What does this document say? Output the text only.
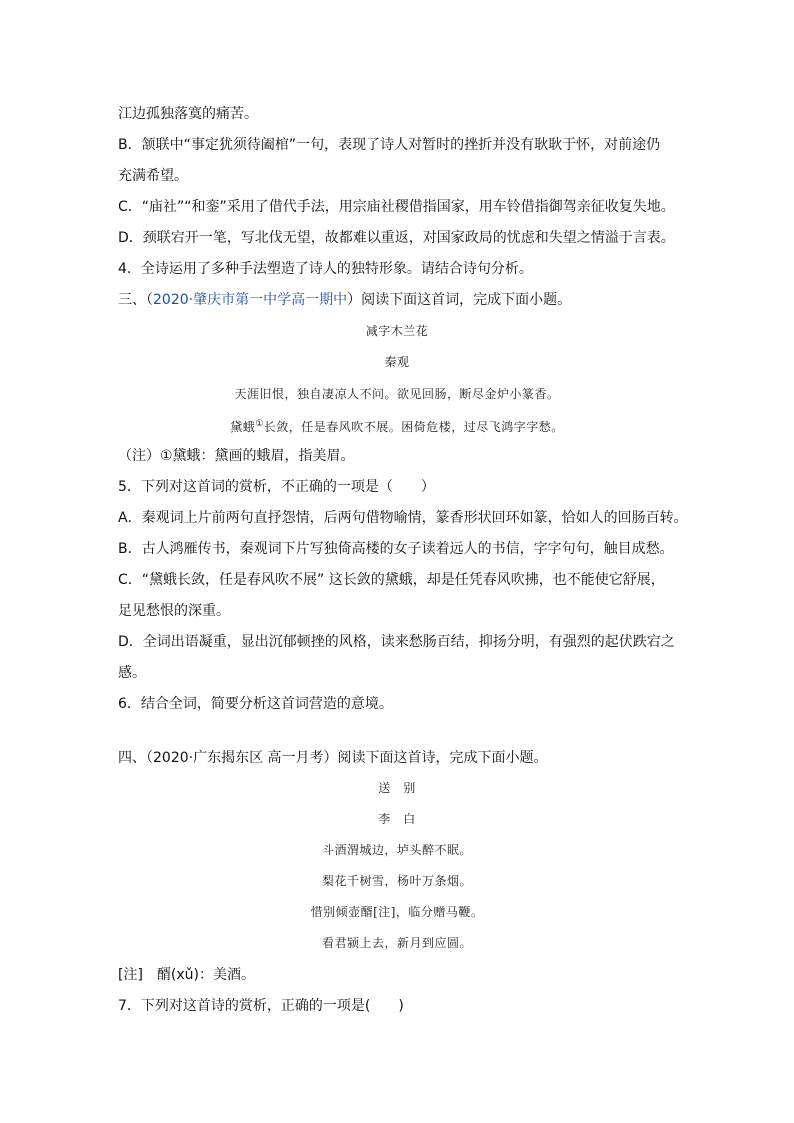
江边孤独落寞的痛苦。
B．颔联中“事定犹须待阖棺”一句，表现了诗人对暂时的挫折并没有耿耿于怀，对前途仍
充满希望。
C．“庙社”“和銮”采用了借代手法，用宗庙社稷借指国家，用车铃借指御驾亲征收复失地。
D．颈联宕开一笔，写北伐无望，故都难以重返，对国家政局的忧虑和失望之情溢于言表。
4．全诗运用了多种手法塑造了诗人的独特形象。请结合诗句分析。
三、（2020·肇庆市第一中学高一期中）阅读下面这首词，完成下面小题。
减字木兰花
秦观
天涯旧恨，独自凄凉人不问。欲见回肠，断尽金炉小篆香。
黛蛾①长敛，任是春风吹不展。困倚危楼，过尽飞鸿字字愁。
（注）①黛蛾：黛画的蛾眉，指美眉。
5．下列对这首词的赏析，不正确的一项是（　　）
A．秦观词上片前两句直抒怨情，后两句借物喻情，篆香形状回环如篆，恰如人的回肠百转。
B．古人鸿雁传书，秦观词下片写独倚高楼的女子读着远人的书信，字字句句，触目成愁。
C．“黛蛾长敛，任是春风吹不展” 这长敛的黛蛾，却是任凭春风吹拂，也不能使它舒展，
足见愁恨的深重。
D．全词出语凝重，显出沉郁顿挫的风格，读来愁肠百结，抑扬分明，有强烈的起伏跌宕之
感。
6．结合全词，简要分析这首词营造的意境。
四、（2020·广东揭东区 高一月考）阅读下面这首诗，完成下面小题。
送　别
李　白
斗酒渭城边，垆头醉不眠。
梨花千树雪，杨叶万条烟。
惜别倾壶醑[注]，临分赠马鞭。
看君颍上去，新月到应圆。
[注]　醑(xǔ)：美酒。
7．下列对这首诗的赏析，正确的一项是(　　)
